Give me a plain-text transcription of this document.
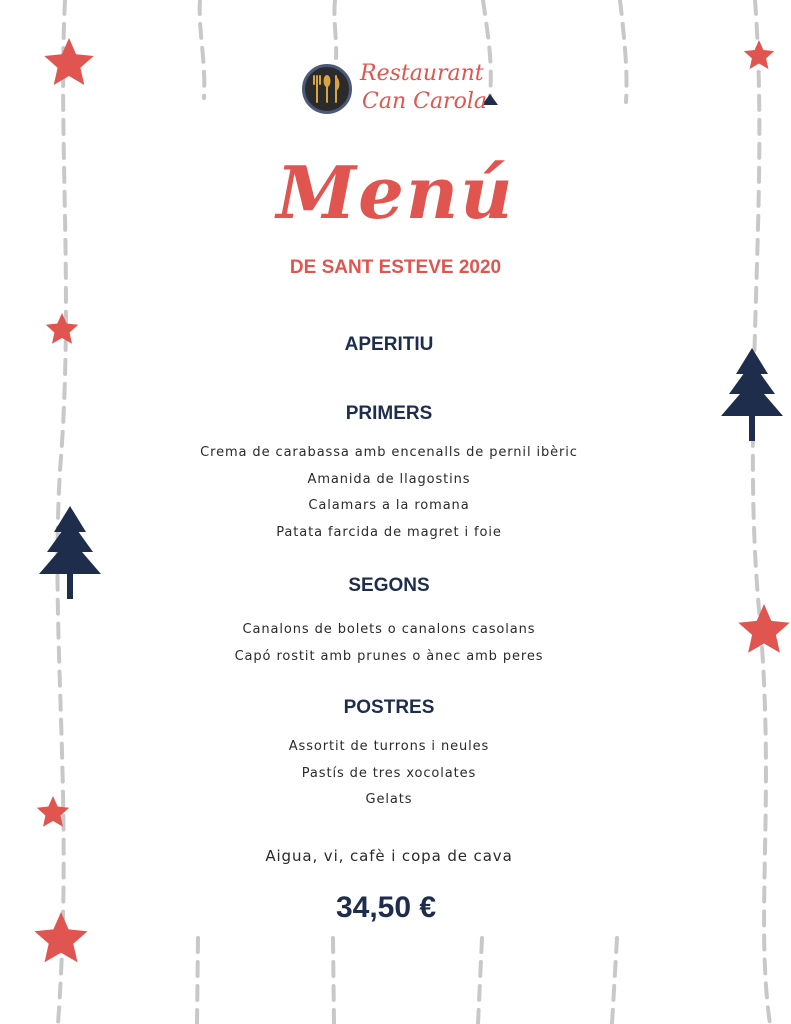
Restaurant
Can Carola
Menú
DE SANT ESTEVE 2020
APERITIU
PRIMERS
Crema de carabassa amb encenalls de pernil ibèric
Amanida de llagostins
Calamars a la romana
Patata farcida de magret i foie
SEGONS
Canalons de bolets o canalons casolans
Capó rostit amb prunes o ànec amb peres
POSTRES
Assortit de turrons i neules
Pastís de tres xocolates
Gelats
Aigua, vi, cafè i copa de cava
34,50 €
